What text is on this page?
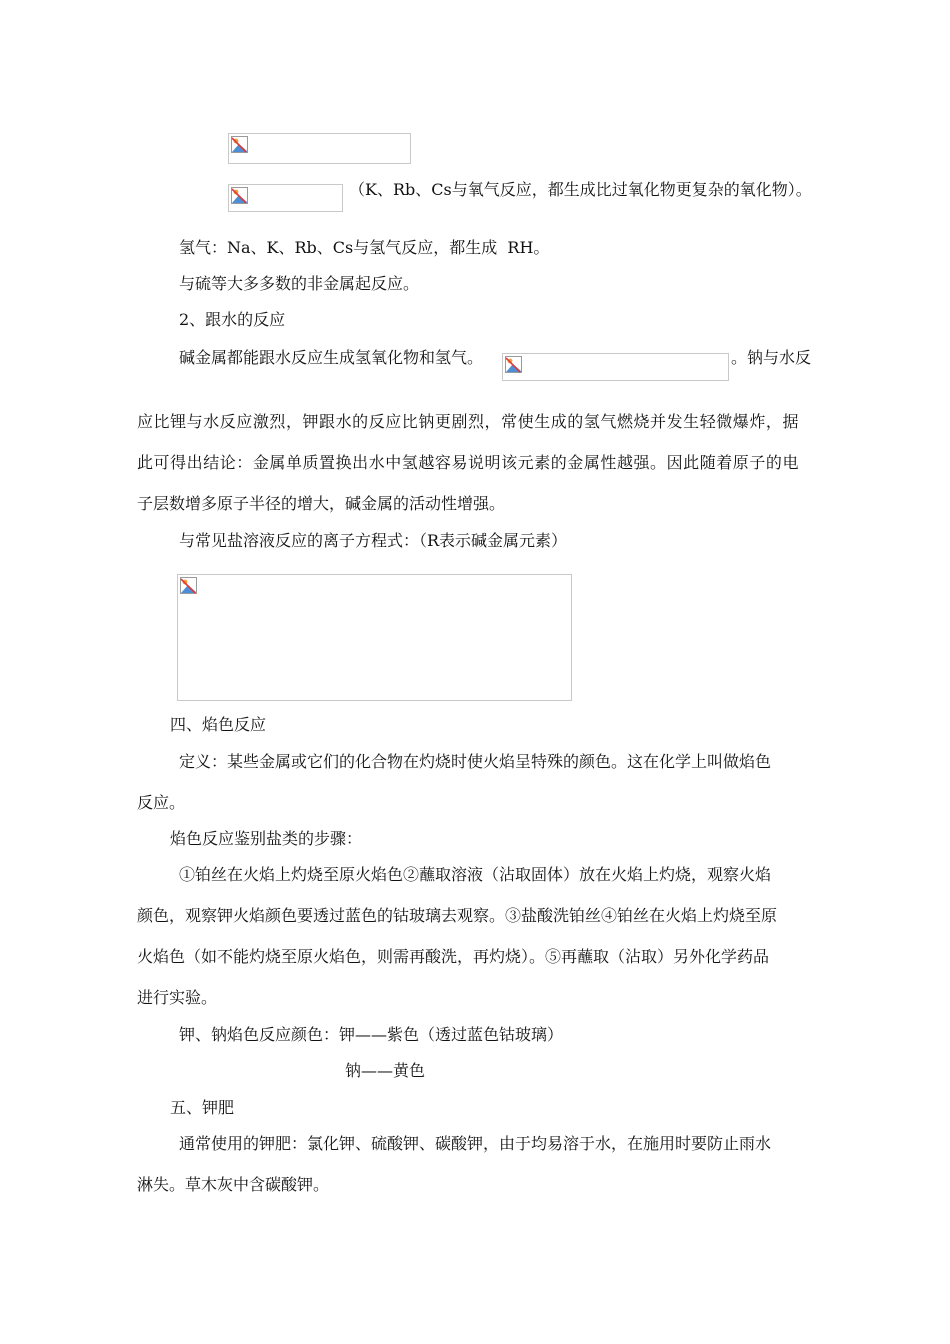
（K、Rb、Cs与氧气反应，都生成比过氧化物更复杂的氧化物）。
氢气：Na、K、Rb、Cs与氢气反应，都生成  RH。
与硫等大多多数的非金属起反应。
2、跟水的反应
碱金属都能跟水反应生成氢氧化物和氢气。	。钠与水反
应比锂与水反应激烈，钾跟水的反应比钠更剧烈，常使生成的氢气燃烧并发生轻微爆炸，据
此可得出结论：金属单质置换出水中氢越容易说明该元素的金属性越强。因此随着原子的电
子层数增多原子半径的增大，碱金属的活动性增强。
与常见盐溶液反应的离子方程式：（R表示碱金属元素）
四、焰色反应
定义：某些金属或它们的化合物在灼烧时使火焰呈特殊的颜色。这在化学上叫做焰色
反应。
焰色反应鉴别盐类的步骤：
①铂丝在火焰上灼烧至原火焰色②蘸取溶液（沾取固体）放在火焰上灼烧，观察火焰
颜色，观察钾火焰颜色要透过蓝色的钴玻璃去观察。③盐酸洗铂丝④铂丝在火焰上灼烧至原
火焰色（如不能灼烧至原火焰色，则需再酸洗，再灼烧）。⑤再蘸取（沾取）另外化学药品
进行实验。
钾、钠焰色反应颜色：钾——紫色（透过蓝色钴玻璃）
钠——黄色
五、钾肥
通常使用的钾肥：氯化钾、硫酸钾、碳酸钾，由于均易溶于水，在施用时要防止雨水
淋失。草木灰中含碳酸钾。
